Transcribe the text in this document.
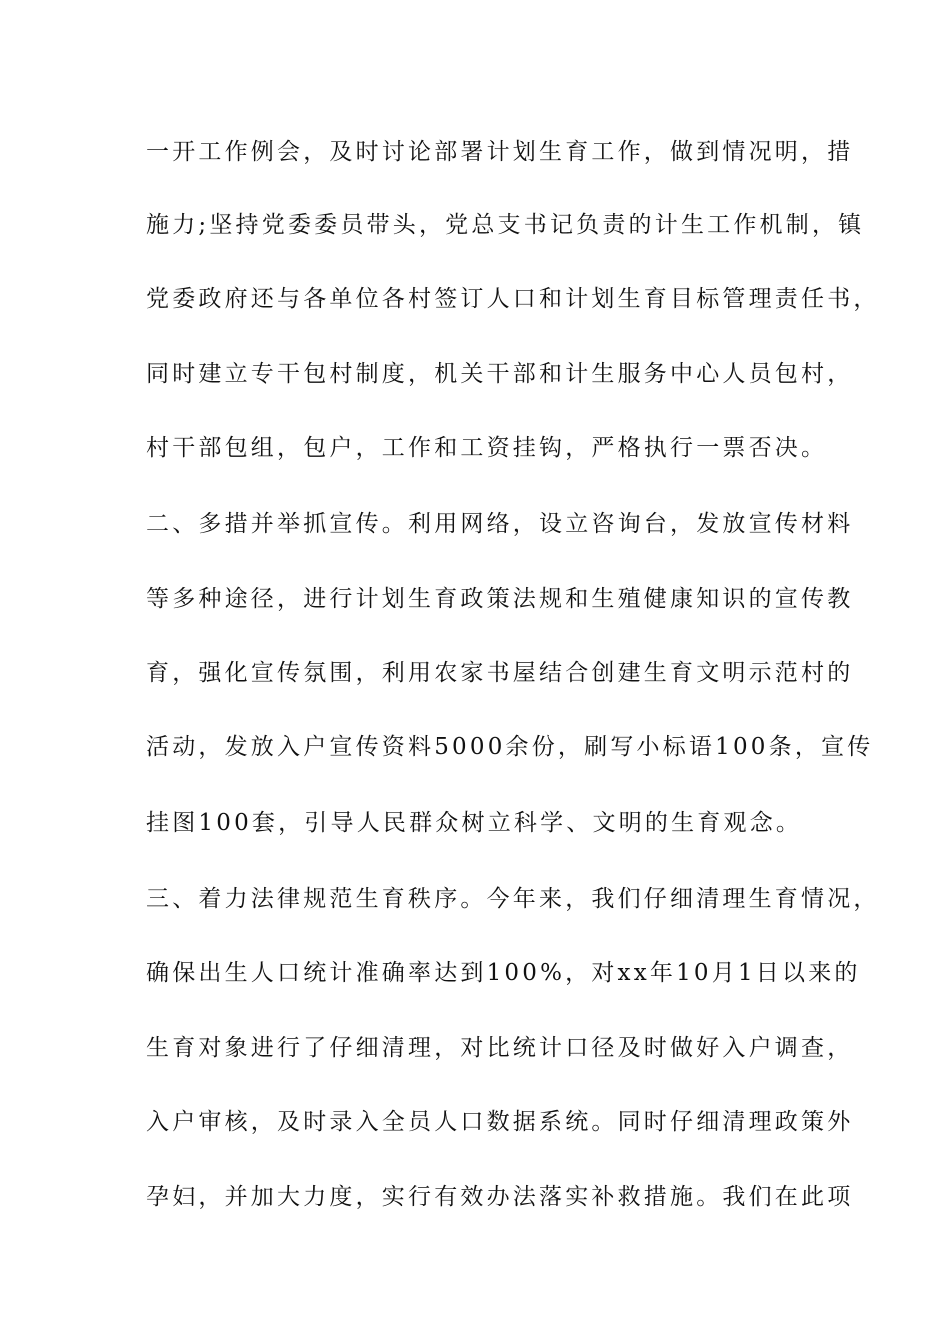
一开工作例会，及时讨论部署计划生育工作，做到情况明，措
施力;坚持党委委员带头，党总支书记负责的计生工作机制，镇
党委政府还与各单位各村签订人口和计划生育目标管理责任书，
同时建立专干包村制度，机关干部和计生服务中心人员包村，
村干部包组，包户，工作和工资挂钩，严格执行一票否决。
二、多措并举抓宣传。利用网络，设立咨询台，发放宣传材料
等多种途径，进行计划生育政策法规和生殖健康知识的宣传教
育，强化宣传氛围，利用农家书屋结合创建生育文明示范村的
活动，发放入户宣传资料5000余份，刷写小标语100条，宣传
挂图100套，引导人民群众树立科学、文明的生育观念。
三、着力法律规范生育秩序。今年来，我们仔细清理生育情况，
确保出生人口统计准确率达到100%，对xx年10月1日以来的
生育对象进行了仔细清理，对比统计口径及时做好入户调查，
入户审核，及时录入全员人口数据系统。同时仔细清理政策外
孕妇，并加大力度，实行有效办法落实补救措施。我们在此项
